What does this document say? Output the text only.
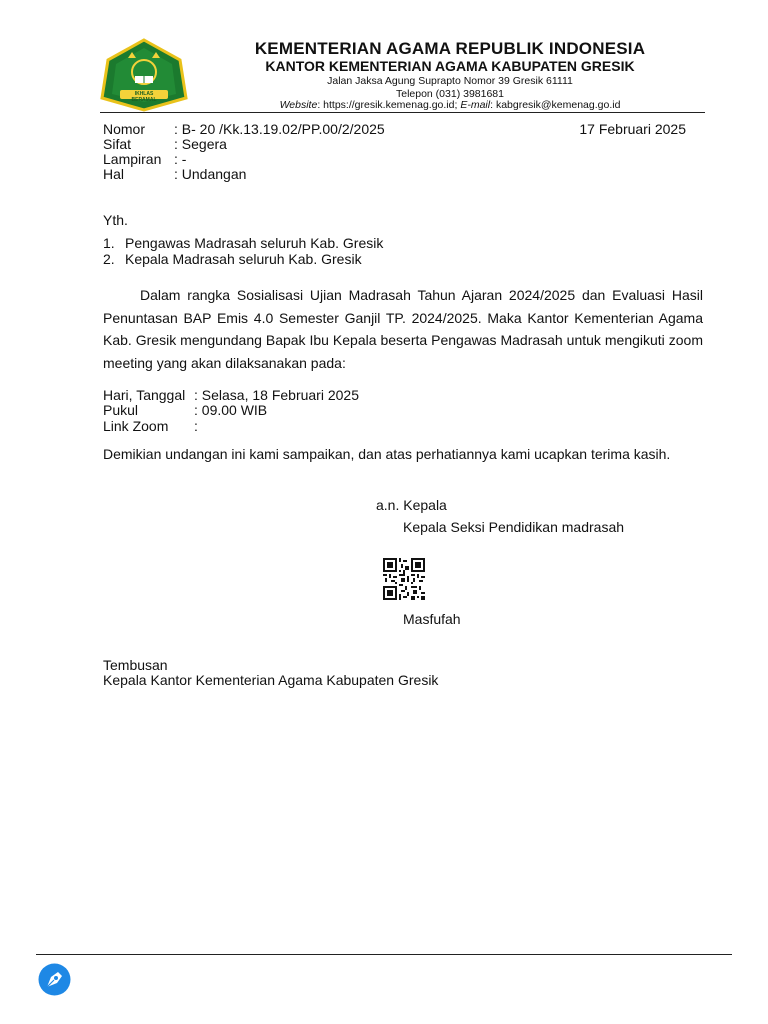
IKHLAS BERAMAL
KEMENTERIAN AGAMA REPUBLIK INDONESIA
KANTOR KEMENTERIAN AGAMA KABUPATEN GRESIK
Jalan Jaksa Agung Suprapto Nomor 39 Gresik 61111
Telepon (031) 3981681
Website: https://gresik.kemenag.go.id; E-mail: kabgresik@kemenag.go.id
Nomor	: B- 20 /Kk.13.19.02/PP.00/2/2025	17 Februari 2025
Sifat	: Segera
Lampiran : -
Hal	: Undangan
Yth.
1. Pengawas Madrasah seluruh Kab. Gresik
2. Kepala Madrasah seluruh Kab. Gresik
Dalam rangka Sosialisasi Ujian Madrasah Tahun Ajaran 2024/2025 dan Evaluasi Hasil Penuntasan BAP Emis 4.0 Semester Ganjil TP. 2024/2025. Maka Kantor Kementerian Agama Kab. Gresik mengundang Bapak Ibu Kepala beserta Pengawas Madrasah untuk mengikuti zoom meeting yang akan dilaksanakan pada:
Hari, Tanggal : Selasa, 18 Februari 2025
Pukul	: 09.00 WIB
Link Zoom :
Demikian undangan ini kami sampaikan, dan atas perhatiannya kami ucapkan terima kasih.
a.n. Kepala
Kepala Seksi Pendidikan madrasah
Masfufah
Tembusan
Kepala Kantor Kementerian Agama Kabupaten Gresik
